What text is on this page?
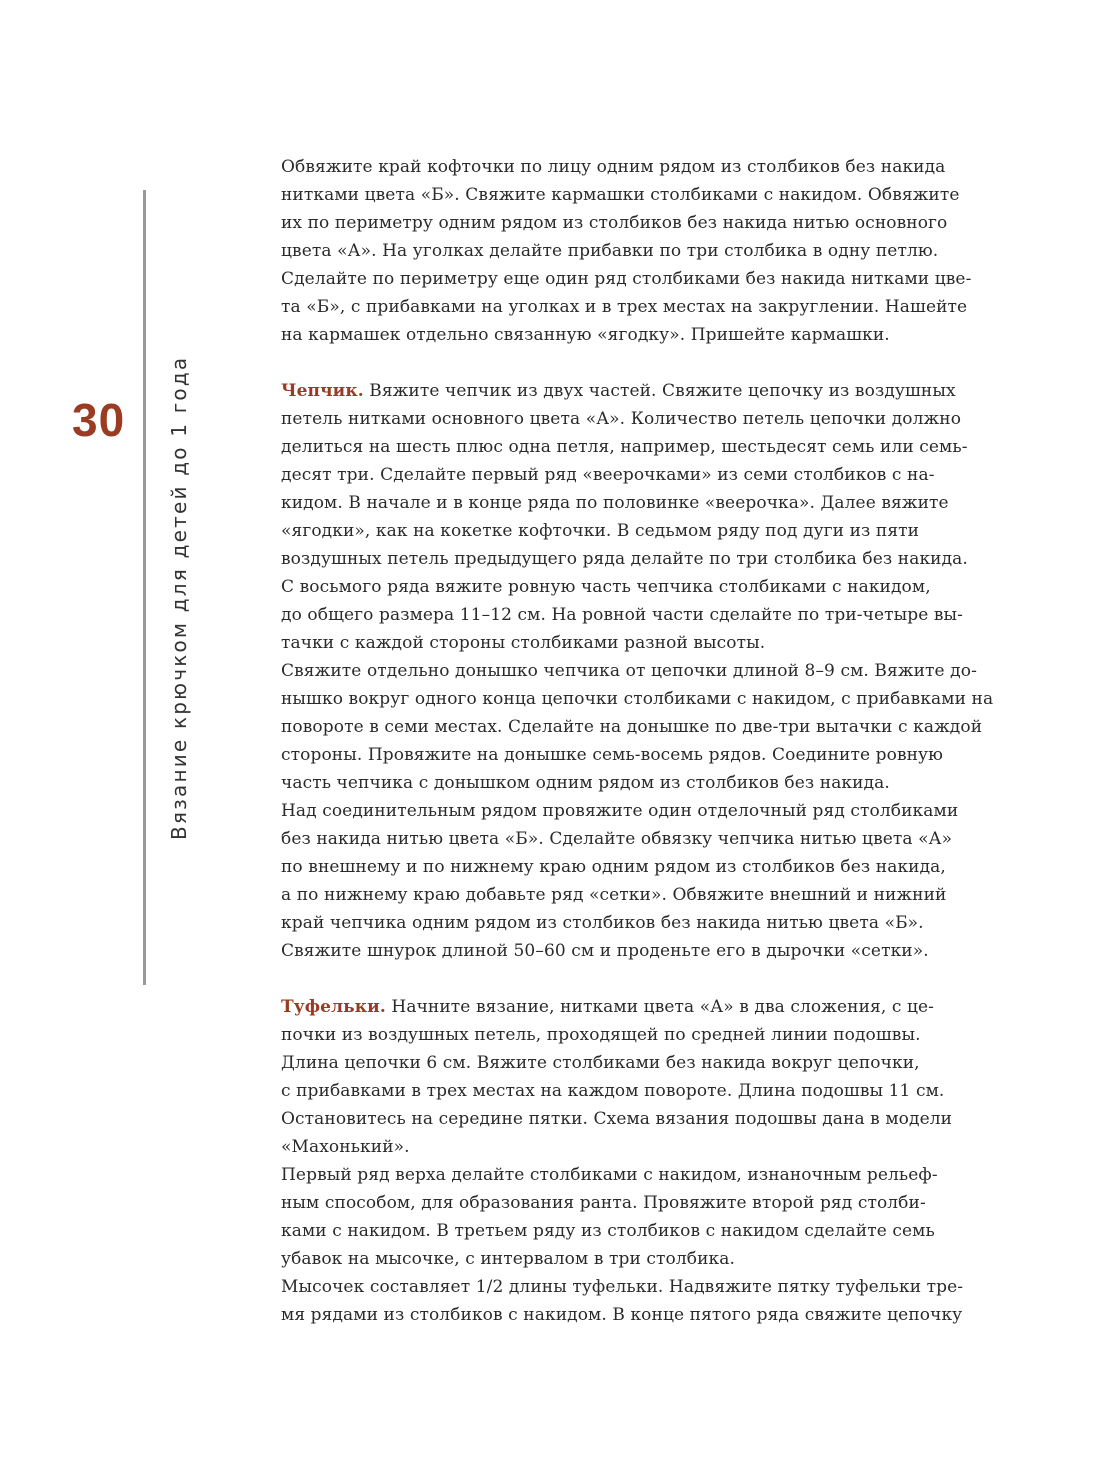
30 Вязание крючком для детей до 1 года

Обвяжите край кофточки по лицу одним рядом из столбиков без накида
нитками цвета «Б». Свяжите кармашки столбиками с накидом. Обвяжите
их по периметру одним рядом из столбиков без накида нитью основного
цвета «А». На уголках делайте прибавки по три столбика в одну петлю.
Сделайте по периметру еще один ряд столбиками без накида нитками цве-
та «Б», с прибавками на уголках и в трех местах на закруглении. Нашейте
на кармашек отдельно связанную «ягодку». Пришейте кармашки.

Чепчик. Вяжите чепчик из двух частей. Свяжите цепочку из воздушных
петель нитками основного цвета «А». Количество петель цепочки должно
делиться на шесть плюс одна петля, например, шестьдесят семь или семь-
десят три. Сделайте первый ряд «веерочками» из семи столбиков с на-
кидом. В начале и в конце ряда по половинке «веерочка». Далее вяжите
«ягодки», как на кокетке кофточки. В седьмом ряду под дуги из пяти
воздушных петель предыдущего ряда делайте по три столбика без накида.
С восьмого ряда вяжите ровную часть чепчика столбиками с накидом,
до общего размера 11–12 см. На ровной части сделайте по три-четыре вы-
тачки с каждой стороны столбиками разной высоты.
Свяжите отдельно донышко чепчика от цепочки длиной 8–9 см. Вяжите до-
нышко вокруг одного конца цепочки столбиками с накидом, с прибавками на
повороте в семи местах. Сделайте на донышке по две-три вытачки с каждой
стороны. Провяжите на донышке семь-восемь рядов. Соедините ровную
часть чепчика с донышком одним рядом из столбиков без накида.
Над соединительным рядом провяжите один отделочный ряд столбиками
без накида нитью цвета «Б». Сделайте обвязку чепчика нитью цвета «А»
по внешнему и по нижнему краю одним рядом из столбиков без накида,
а по нижнему краю добавьте ряд «сетки». Обвяжите внешний и нижний
край чепчика одним рядом из столбиков без накида нитью цвета «Б».
Свяжите шнурок длиной 50–60 см и проденьте его в дырочки «сетки».

Туфельки. Начните вязание, нитками цвета «А» в два сложения, с це-
почки из воздушных петель, проходящей по средней линии подошвы.
Длина цепочки 6 см. Вяжите столбиками без накида вокруг цепочки,
с прибавками в трех местах на каждом повороте. Длина подошвы 11 см.
Остановитесь на середине пятки. Схема вязания подошвы дана в модели
«Махонький».
Первый ряд верха делайте столбиками с накидом, изнаночным рельеф-
ным способом, для образования ранта. Провяжите второй ряд столби-
ками с накидом. В третьем ряду из столбиков с накидом сделайте семь
убавок на мысочке, с интервалом в три столбика.
Мысочек составляет 1/2 длины туфельки. Надвяжите пятку туфельки тре-
мя рядами из столбиков с накидом. В конце пятого ряда свяжите цепочку
